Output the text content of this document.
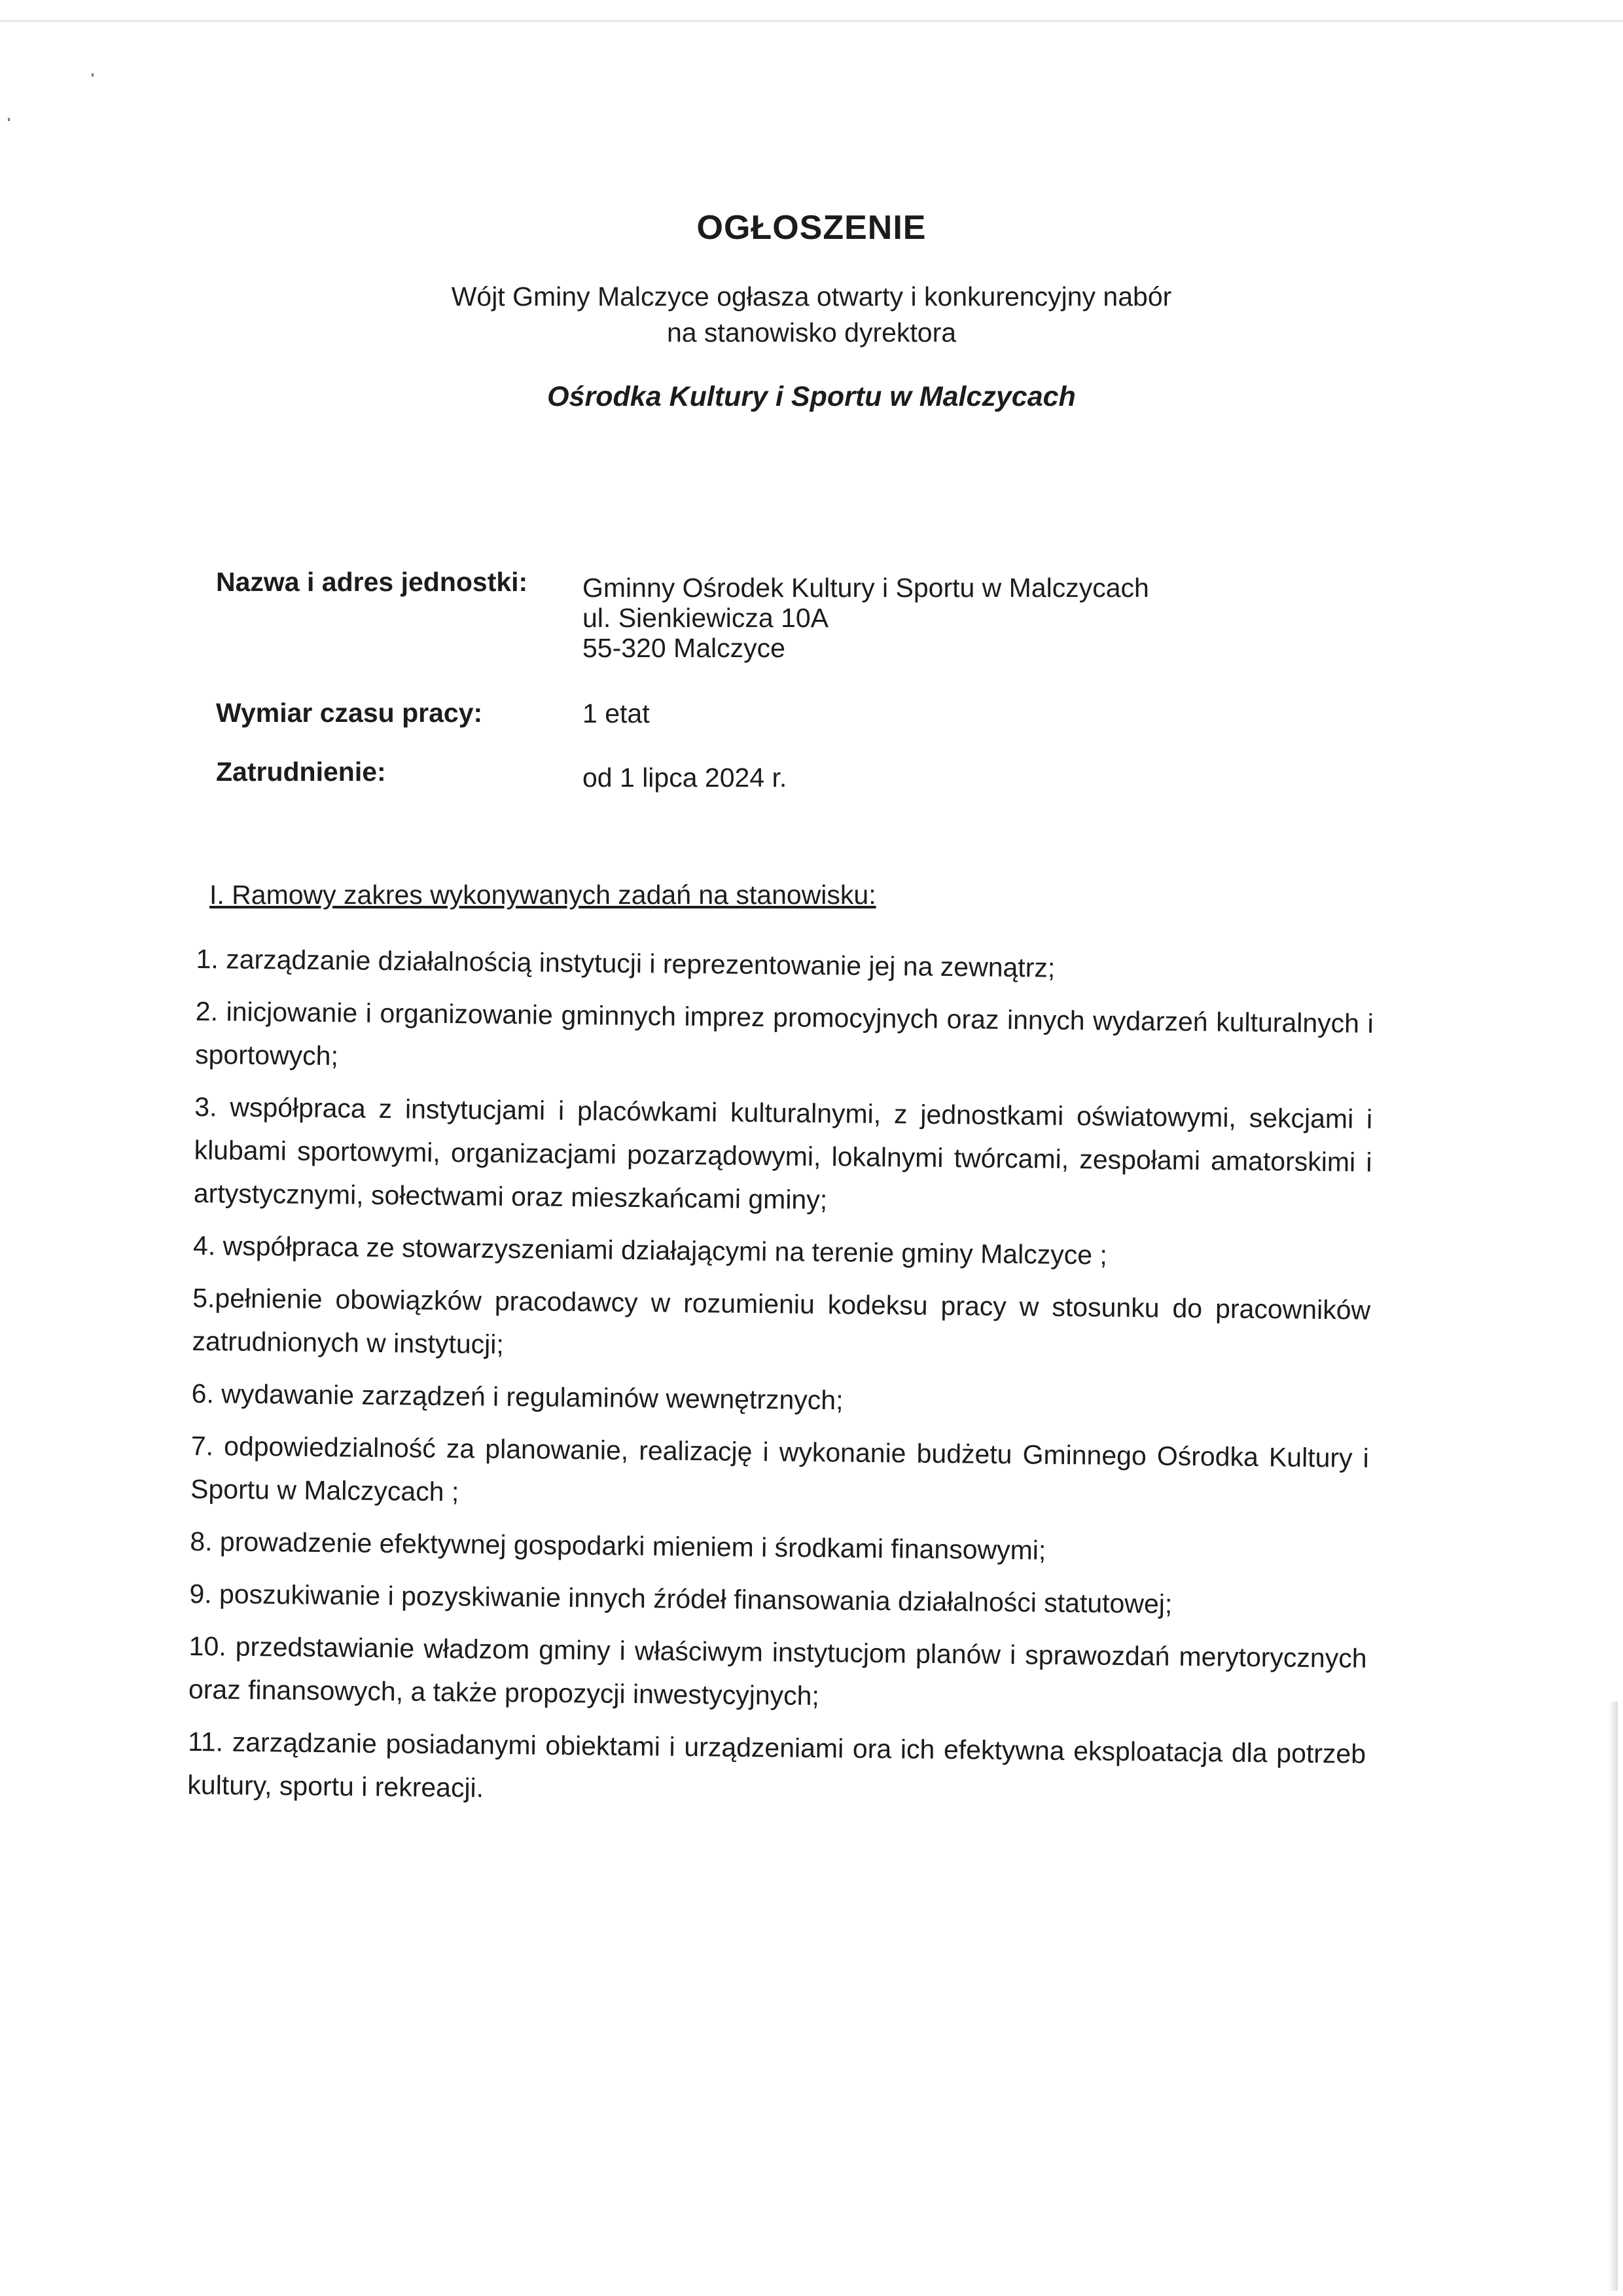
OGŁOSZENIE
Wójt Gminy Malczyce ogłasza otwarty i konkurencyjny nabór
na stanowisko dyrektora
Ośrodka Kultury i Sportu w Malczycach
Nazwa i adres jednostki: Gminny Ośrodek Kultury i Sportu w Malczycach
ul. Sienkiewicza 10A
55-320 Malczyce
Wymiar czasu pracy:	1 etat
Zatrudnienie:	od 1 lipca 2024 r.
I. Ramowy zakres wykonywanych zadań na stanowisku:
1. zarządzanie działalnością instytucji i reprezentowanie jej na zewnątrz;
2. inicjowanie i organizowanie gminnych imprez promocyjnych oraz innych wydarzeń kulturalnych i sportowych;
3. współpraca z instytucjami i placówkami kulturalnymi, z jednostkami oświatowymi, sekcjami i klubami sportowymi, organizacjami pozarządowymi, lokalnymi twórcami, zespołami amatorskimi i artystycznymi, sołectwami oraz mieszkańcami gminy;
4. współpraca ze stowarzyszeniami działającymi na terenie gminy Malczyce ;
5.pełnienie obowiązków pracodawcy w rozumieniu kodeksu pracy w stosunku do pracowników zatrudnionych w instytucji;
6. wydawanie zarządzeń i regulaminów wewnętrznych;
7. odpowiedzialność za planowanie, realizację i wykonanie budżetu Gminnego Ośrodka Kultury i Sportu w Malczycach ;
8. prowadzenie efektywnej gospodarki mieniem i środkami finansowymi;
9. poszukiwanie i pozyskiwanie innych źródeł finansowania działalności statutowej;
10. przedstawianie władzom gminy i właściwym instytucjom planów i sprawozdań merytorycznych oraz finansowych, a także propozycji inwestycyjnych;
11. zarządzanie posiadanymi obiektami i urządzeniami ora ich efektywna eksploatacja dla potrzeb kultury, sportu i rekreacji.
